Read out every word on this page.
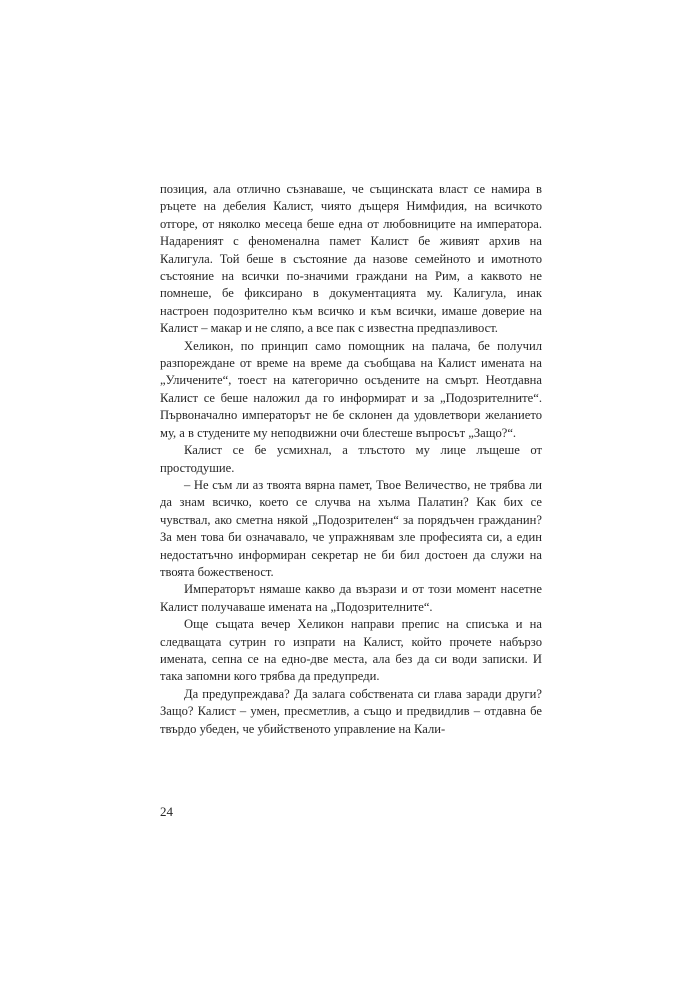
позиция, ала отлично съзнаваше, че същинската власт се намира в ръцете на дебелия Калист, чиято дъщеря Нимфидия, на всичкото отгоре, от няколко месеца беше една от любовниците на императора. Надареният с феноменална памет Калист бе живият архив на Калигула. Той беше в състояние да назове семейното и имотното състояние на всички по-значими граждани на Рим, а каквото не помнеше, бе фиксирано в документацията му. Калигула, инак настроен подозрително към всичко и към всички, имаше доверие на Калист – макар и не сляпо, а все пак с известна предпазливост.

Хеликон, по принцип само помощник на палача, бе получил разпореждане от време на време да съобщава на Калист имената на „Уличените“, тоест на категорично осъдените на смърт. Неотдавна Калист се беше наложил да го информират и за „Подозрителните“. Първоначално императорът не бе склонен да удовлетвори желанието му, а в студените му неподвижни очи блестеше въпросът „Защо?“.

Калист се бе усмихнал, а тлъстото му лице лъщеше от простодушие.

– Не съм ли аз твоята вярна памет, Твое Величество, не трябва ли да знам всичко, което се случва на хълма Палатин? Как бих се чувствал, ако сметна някой „Подозрителен“ за порядъчен гражданин? За мен това би означавало, че упражнявам зле професията си, а един недостатъчно информиран секретар не би бил достоен да служи на твоята божественост.

Императорът нямаше какво да възрази и от този момент насетне Калист получаваше имената на „Подозрителните“.

Още същата вечер Хеликон направи препис на списъка и на следващата сутрин го изпрати на Калист, който прочете набързо имената, сепна се на едно-две места, ала без да си води записки. И така запомни кого трябва да предупреди.

Да предупреждава? Да залага собствената си глава заради други? Защо? Калист – умен, пресметлив, а също и предвидлив – отдавна бе твърдо убеден, че убийственото управление на Кали-

24
